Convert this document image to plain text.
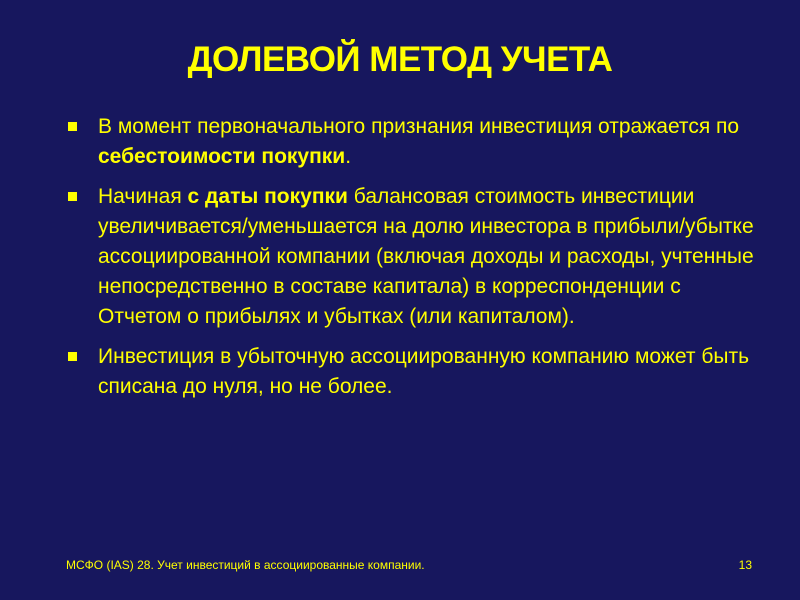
ДОЛЕВОЙ МЕТОД УЧЕТА
В момент первоначального признания инвестиция отражается по себестоимости покупки.
Начиная с даты покупки балансовая стоимость инвестиции увеличивается/уменьшается на долю инвестора в прибыли/убытке ассоциированной компании (включая доходы и расходы, учтенные непосредственно в составе капитала) в корреспонденции с Отчетом о прибылях и убытках (или капиталом).
Инвестиция в убыточную ассоциированную компанию может быть списана до нуля, но не более.
МСФО (IAS) 28. Учет инвестиций в ассоциированные компании.	13
